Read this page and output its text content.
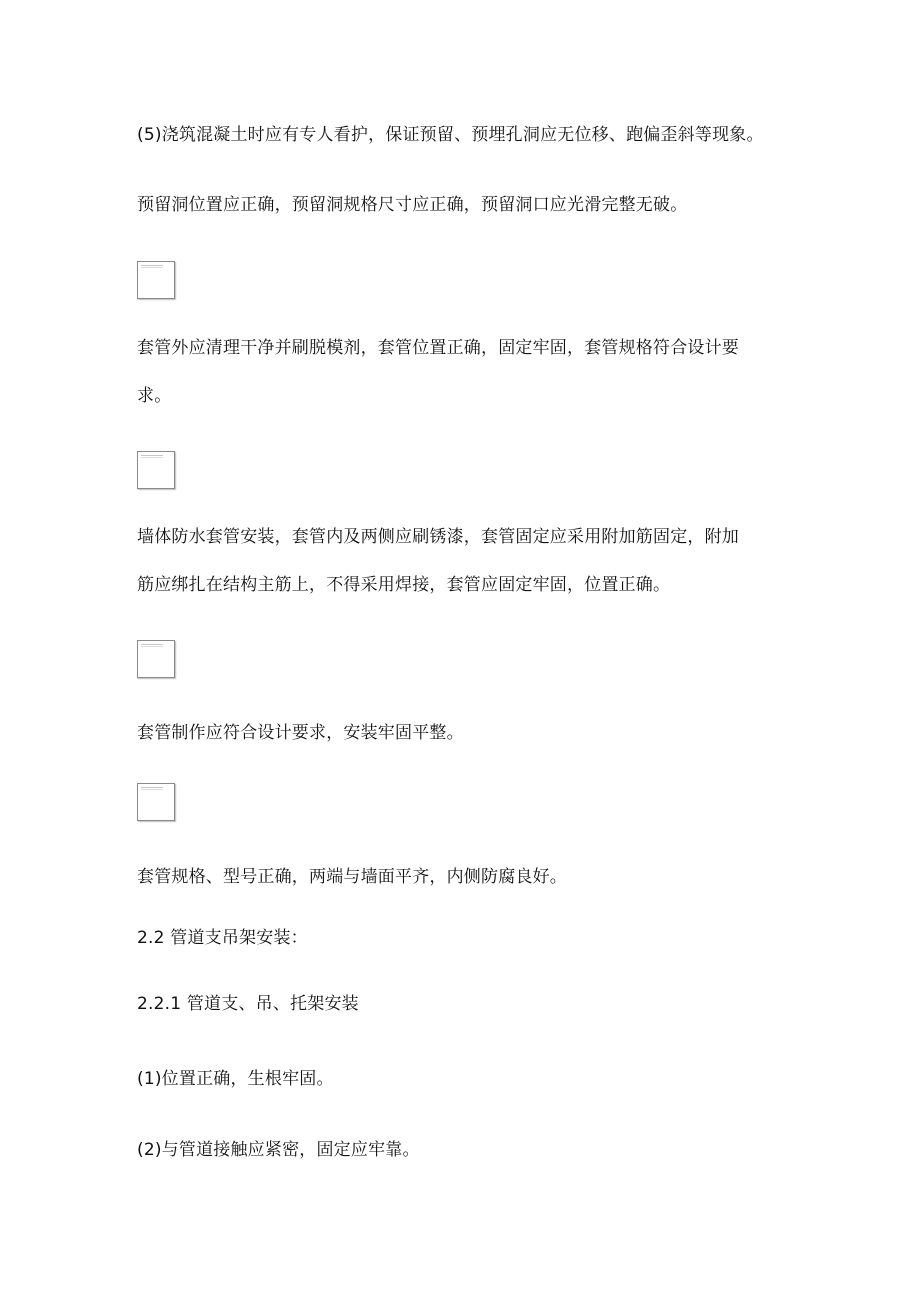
(5)浇筑混凝土时应有专人看护，保证预留、预埋孔洞应无位移、跑偏歪斜等现象。
预留洞位置应正确，预留洞规格尺寸应正确，预留洞口应光滑完整无破。
套管外应清理干净并刷脱模剂，套管位置正确，固定牢固，套管规格符合设计要
求。
墙体防水套管安装，套管内及两侧应刷锈漆，套管固定应采用附加筋固定，附加
筋应绑扎在结构主筋上，不得采用焊接，套管应固定牢固，位置正确。
套管制作应符合设计要求，安装牢固平整。
套管规格、型号正确，两端与墙面平齐，内侧防腐良好。
2.2 管道支吊架安装：
2.2.1 管道支、吊、托架安装
(1)位置正确，生根牢固。
(2)与管道接触应紧密，固定应牢靠。
